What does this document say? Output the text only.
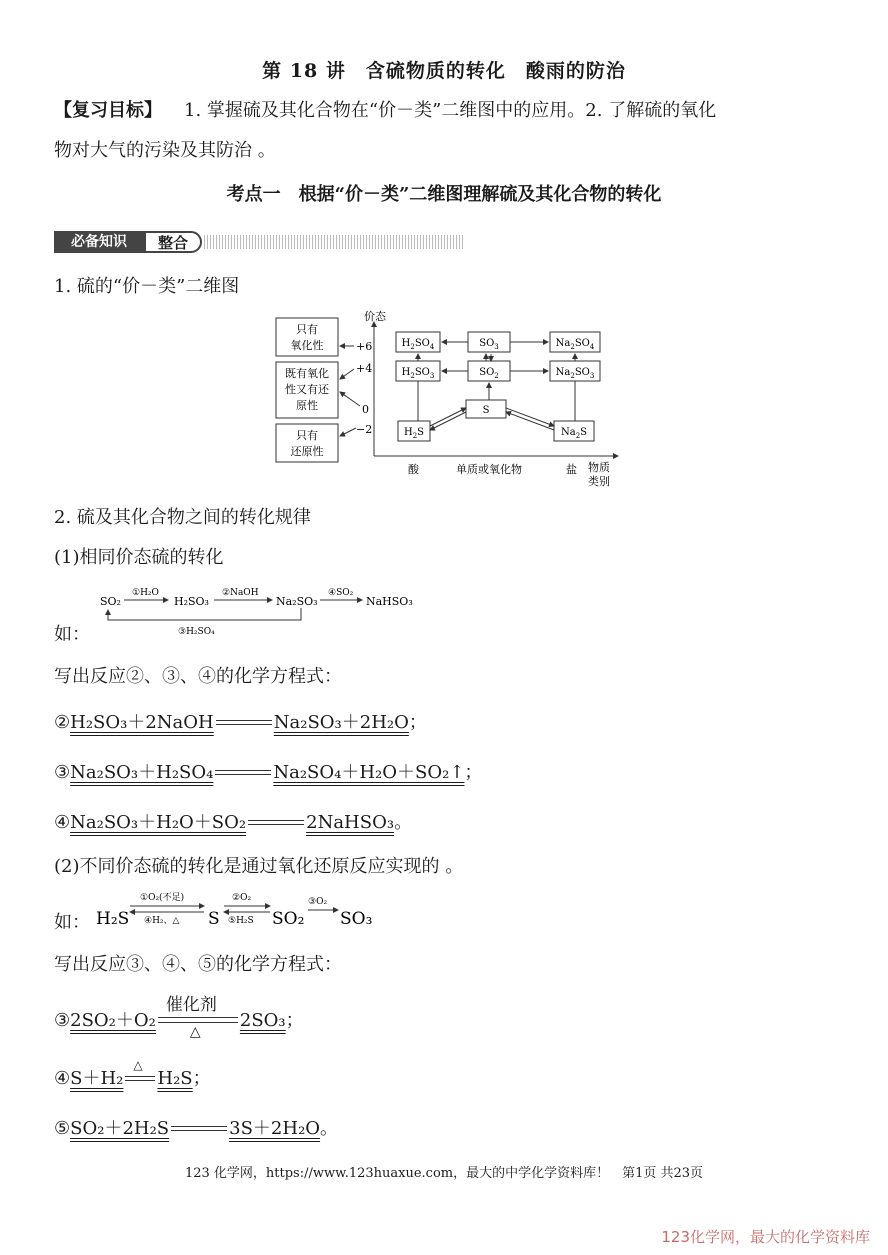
第 18 讲　含硫物质的转化　酸雨的防治
【复习目标】 1. 掌握硫及其化合物在“价－类”二维图中的应用。2. 了解硫的氧化
物对大气的污染及其防治 。
考点一　根据“价－类”二维图理解硫及其化合物的转化
必备知识	整合
1. 硫的“价－类”二维图
只有
氧化性
既有氧化
性又有还
原性
只有
还原性
+6
+4
0
−2
价态
酸	单质或氧化物	盐 物质
类别
$H_2SO_4$	$SO_3$	$Na_2SO_4$
$H_2SO_3$	$SO_2$	$Na_2SO_3$
S
$H_2S$	$Na_2S$
2. 硫及其化合物之间的转化规律
(1)相同价态硫的转化
如：
SO₂
①H₂O
H₂SO₃
②NaOH
Na₂SO₃
④SO₂
NaHSO₃
③H₂SO₄
写出反应②、③、④的化学方程式：
②H₂SO₃＋2NaOH	Na₂SO₃＋2H₂O；
③Na₂SO₃＋H₂SO₄	Na₂SO₄＋H₂O＋SO₂↑；
④Na₂SO₃＋H₂O＋SO₂	2NaHSO₃。
(2)不同价态硫的转化是通过氧化还原反应实现的 。
如： H₂S
①O₂(不足)
④H₂、△ S
②O₂
⑤H₂S SO₂
③O₂
SO₃
写出反应③、④、⑤的化学方程式：
③2SO₂＋O₂
催化剂
△
2SO₃；
④S＋H₂
△
H₂S；
⑤SO₂＋2H₂S	3S＋2H₂O。
123 化学网，https://www.123huaxue.com，最大的中学化学资料库！　第1页 共23页
123化学网，最大的化学资料库
